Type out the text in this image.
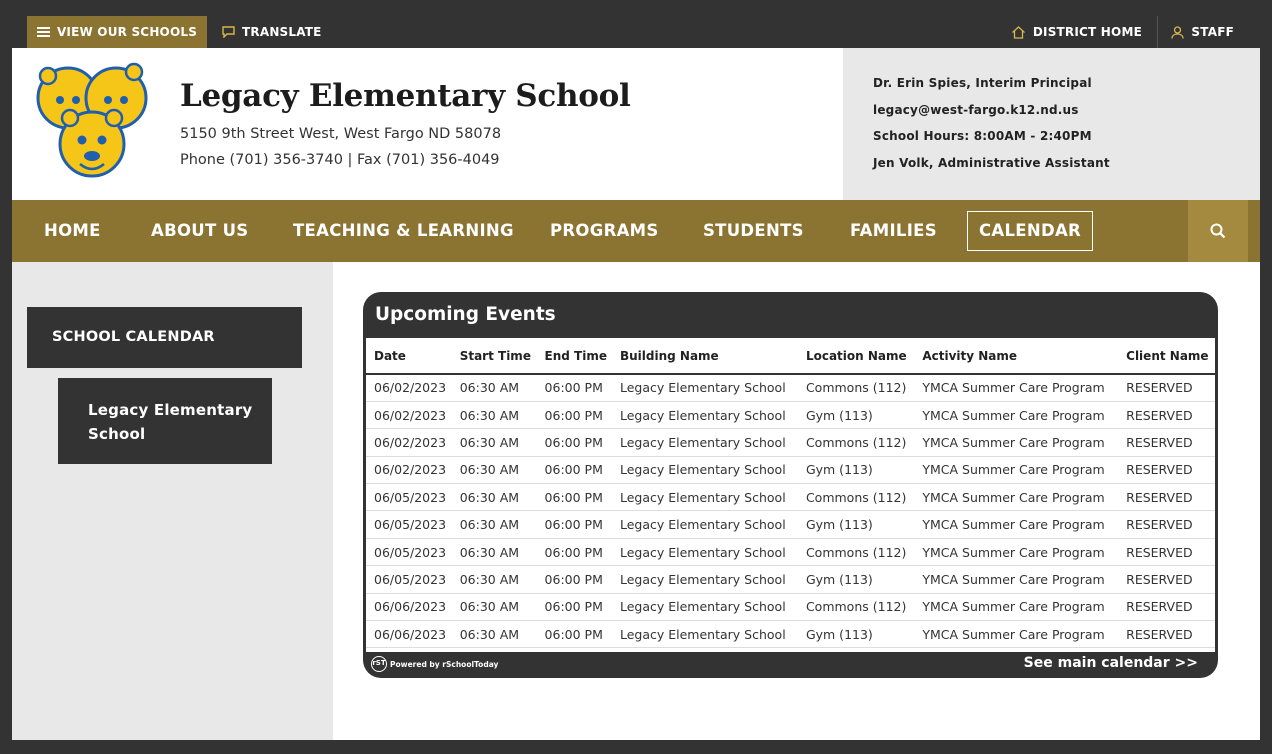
VIEW OUR SCHOOLS	TRANSLATE	DISTRICT HOME	STAFF
Legacy Elementary School
5150 9th Street West, West Fargo ND 58078
Phone (701) 356-3740 | Fax (701) 356-4049
Dr. Erin Spies, Interim Principal
legacy@west-fargo.k12.nd.us
School Hours: 8:00AM - 2:40PM
Jen Volk, Administrative Assistant
HOME	ABOUT US	TEACHING & LEARNING PROGRAMS	STUDENTS	FAMILIES	CALENDAR
SCHOOL CALENDAR
Legacy Elementary School
Upcoming Events
Date	Start Time	End Time	Building Name	Location Name	Activity Name	Client Name
06/02/2023	06:30 AM	06:00 PM	Legacy Elementary School	Commons (112)	YMCA Summer Care Program	RESERVED
06/02/2023	06:30 AM	06:00 PM	Legacy Elementary School	Gym (113)	YMCA Summer Care Program	RESERVED
06/02/2023	06:30 AM	06:00 PM	Legacy Elementary School	Commons (112)	YMCA Summer Care Program	RESERVED
06/02/2023	06:30 AM	06:00 PM	Legacy Elementary School	Gym (113)	YMCA Summer Care Program	RESERVED
06/05/2023	06:30 AM	06:00 PM	Legacy Elementary School	Commons (112)	YMCA Summer Care Program	RESERVED
06/05/2023	06:30 AM	06:00 PM	Legacy Elementary School	Gym (113)	YMCA Summer Care Program	RESERVED
06/05/2023	06:30 AM	06:00 PM	Legacy Elementary School	Commons (112)	YMCA Summer Care Program	RESERVED
06/05/2023	06:30 AM	06:00 PM	Legacy Elementary School	Gym (113)	YMCA Summer Care Program	RESERVED
06/06/2023	06:30 AM	06:00 PM	Legacy Elementary School	Commons (112)	YMCA Summer Care Program	RESERVED
06/06/2023	06:30 AM	06:00 PM	Legacy Elementary School	Gym (113)	YMCA Summer Care Program	RESERVED
rST Powered by rSchoolToday	See main calendar >>
